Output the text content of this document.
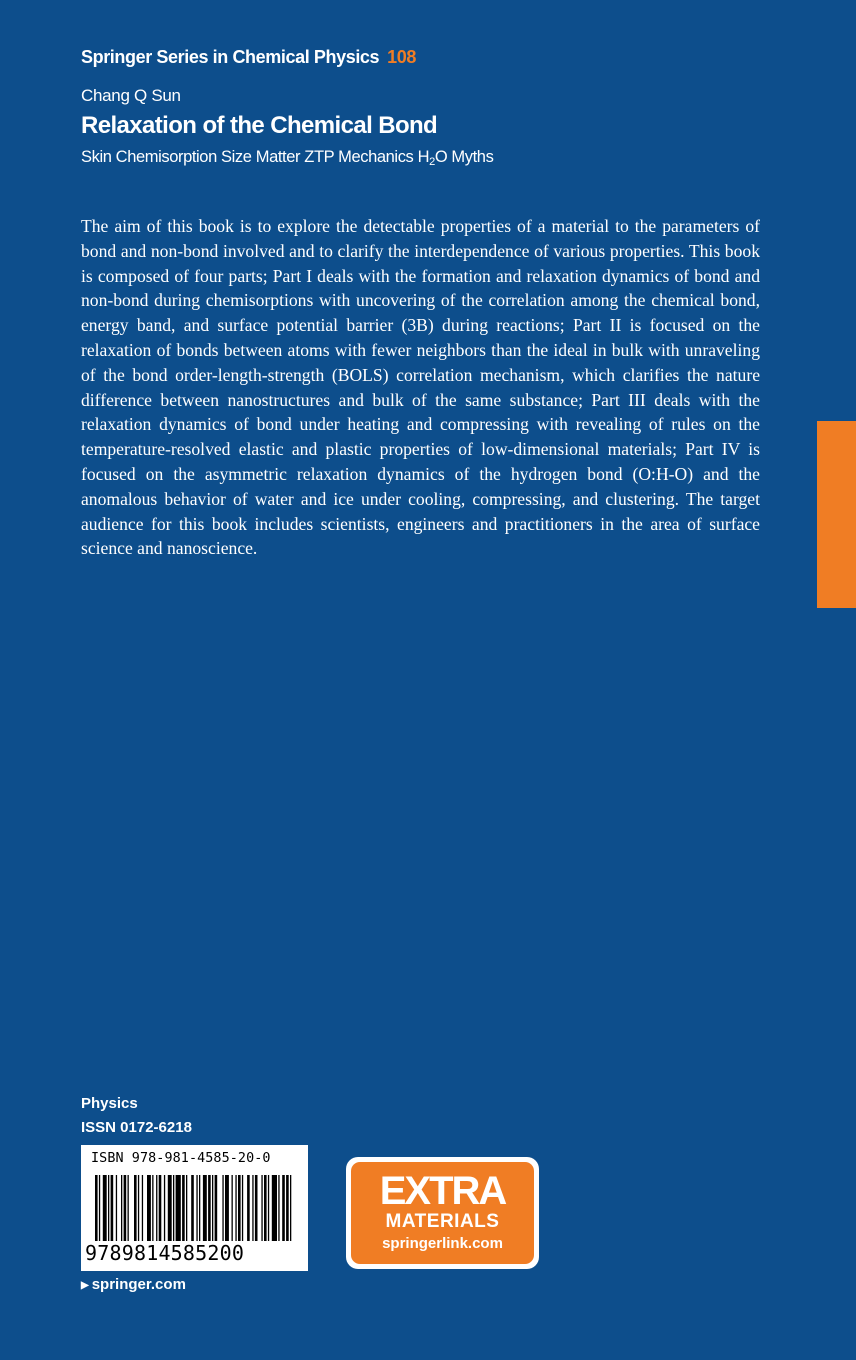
Springer Series in Chemical Physics 108
Chang Q Sun
Relaxation of the Chemical Bond
Skin Chemisorption Size Matter ZTP Mechanics $H_2O$ Myths

The aim of this book is to explore the detectable properties of a material to the parameters of bond and non-bond involved and to clarify the interdependence of various properties. This book is composed of four parts; Part I deals with the formation and relaxation dynamics of bond and non-bond during chemisorptions with uncovering of the correlation among the chemical bond, energy band, and surface potential barrier (3B) during reactions; Part II is focused on the relaxation of bonds between atoms with fewer neighbors than the ideal in bulk with unraveling of the bond order-length-strength (BOLS) correlation mechanism, which clarifies the nature difference between nanostructures and bulk of the same substance; Part III deals with the relaxation dynamics of bond under heating and compressing with revealing of rules on the temperature-resolved elastic and plastic properties of low-dimensional materials; Part IV is focused on the asymmetric relaxation dynamics of the hydrogen bond (O:H-O) and the anomalous behavior of water and ice under cooling, compressing, and clustering. The target audience for this book includes scientists, engineers and practitioners in the area of surface science and nanoscience.

Physics
ISSN 0172-6218
ISBN 978-981-4585-20-0
9789814585200
▶ springer.com
EXTRA
MATERIALS
springerlink.com
